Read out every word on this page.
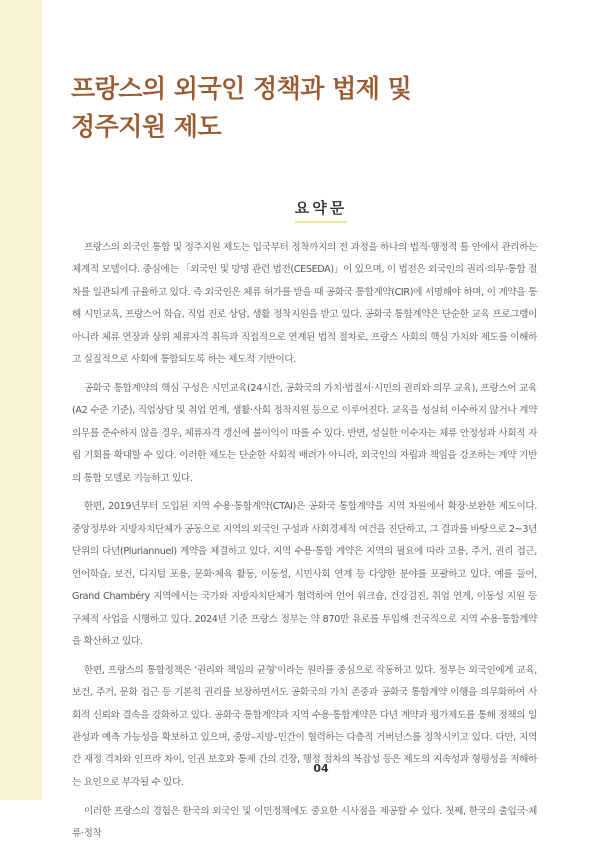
프랑스의 외국인 정책과 법제 및
정주지원 제도
요약문

프랑스의 외국인 통합 및 정주지원 제도는 입국부터 정착까지의 전 과정을 하나의 법적·행정적 틀 안에서 관리하는 체계적 모델이다. 중심에는 「외국인 및 망명 관련 법전(CESEDA)」이 있으며, 이 법전은 외국인의 권리·의무·통합 절차를 일관되게 규율하고 있다. 즉 외국인은 체류 허가를 받을 때 공화국 통합계약(CIR)에 서명해야 하며, 이 계약을 통해 시민교육, 프랑스어 학습, 직업 진로 상담, 생활 정착지원을 받고 있다. 공화국 통합계약은 단순한 교육 프로그램이 아니라 체류 연장과 상위 체류자격 취득과 직접적으로 연계된 법적 절차로, 프랑스 사회의 핵심 가치와 제도를 이해하고 실질적으로 사회에 통합되도록 하는 제도적 기반이다.

공화국 통합계약의 핵심 구성은 시민교육(24시간, 공화국의 가치·법질서·시민의 권리와 의무 교육), 프랑스어 교육(A2 수준 기준), 직업상담 및 취업 연계, 생활·사회 정착지원 등으로 이루어진다. 교육을 성실히 이수하지 않거나 계약 의무를 준수하지 않을 경우, 체류자격 갱신에 불이익이 따를 수 있다. 반면, 성실한 이수자는 체류 안정성과 사회적 자립 기회를 확대할 수 있다. 이러한 제도는 단순한 사회적 배려가 아니라, 외국인의 자립과 책임을 강조하는 계약 기반의 통합 모델로 기능하고 있다.

한편, 2019년부터 도입된 지역 수용·통합계약(CTAI)은 공화국 통합계약을 지역 차원에서 확장·보완한 제도이다. 중앙정부와 지방자치단체가 공동으로 지역의 외국인 구성과 사회경제적 여건을 진단하고, 그 결과를 바탕으로 2~3년 단위의 다년(Pluriannuel) 계약을 체결하고 있다. 지역 수용·통합 계약은 지역의 필요에 따라 고용, 주거, 권리 접근, 언어학습, 보건, 디지털 포용, 문화·체육 활동, 이동성, 시민사회 연계 등 다양한 분야를 포괄하고 있다. 예를 들어, Grand Chambéry 지역에서는 국가와 지방자치단체가 협력하여 언어 워크숍, 건강검진, 취업 연계, 이동성 지원 등 구체적 사업을 시행하고 있다. 2024년 기준 프랑스 정부는 약 870만 유로를 투입해 전국적으로 지역 수용·통합계약을 확산하고 있다.

한편, 프랑스의 통합정책은 '권리와 책임의 균형'이라는 원리를 중심으로 작동하고 있다. 정부는 외국인에게 교육, 보건, 주거, 문화 접근 등 기본적 권리를 보장하면서도 공화국의 가치 존중과 공화국 통합계약 이행을 의무화하여 사회적 신뢰와 결속을 강화하고 있다. 공화국 통합계약과 지역 수용·통합계약은 다년 계약과 평가제도를 통해 정책의 일관성과 예측 가능성을 확보하고 있으며, 중앙–지방–민간이 협력하는 다층적 거버넌스를 정착시키고 있다. 다만, 지역 간 재정 격차와 인프라 차이, 인권 보호와 통제 간의 긴장, 행정 절차의 복잡성 등은 제도의 지속성과 형평성을 저해하는 요인으로 부각될 수 있다.

이러한 프랑스의 경험은 한국의 외국인 및 이민정책에도 중요한 시사점을 제공할 수 있다. 첫째, 한국의 출입국·체류·정착

04
